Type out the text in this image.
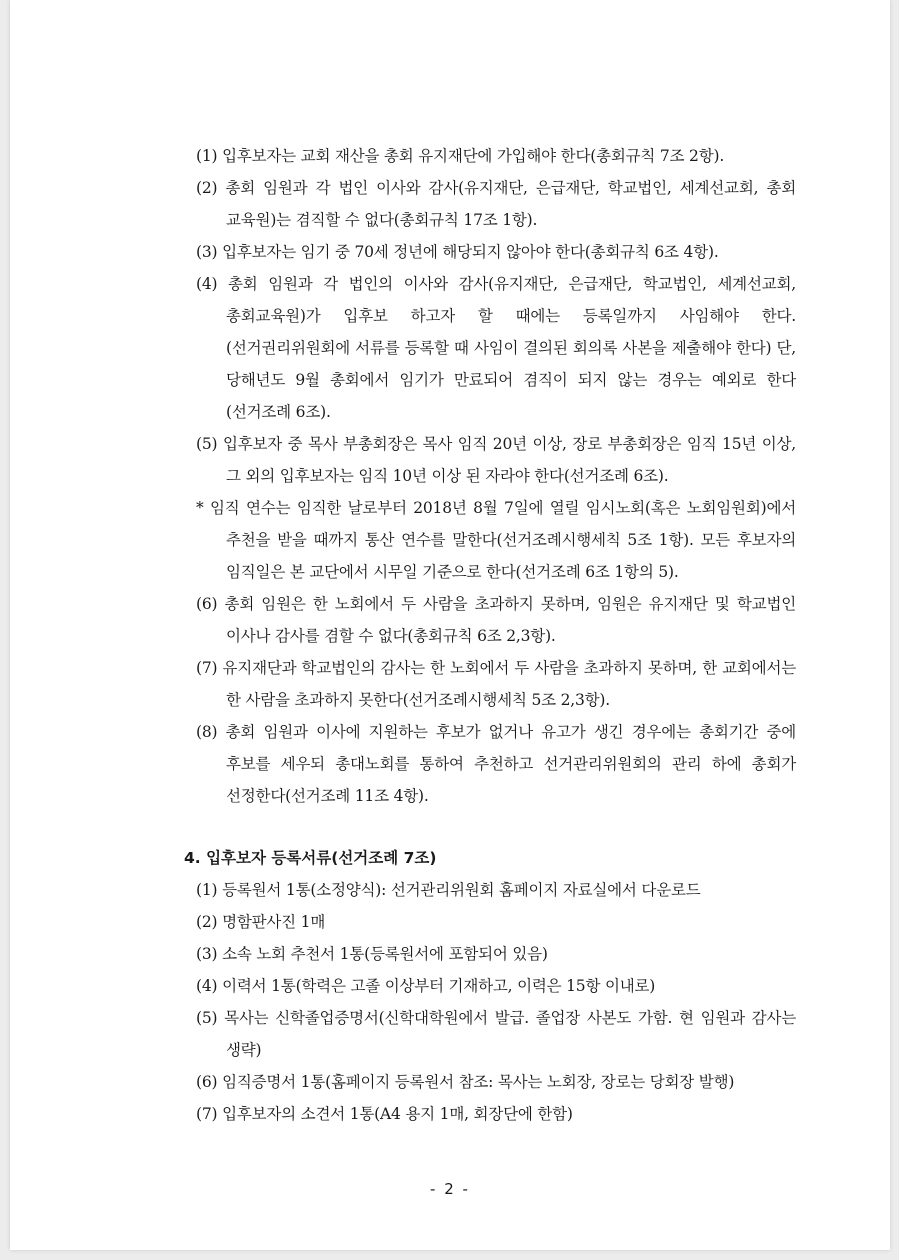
(1) 입후보자는 교회 재산을 총회 유지재단에 가입해야 한다(총회규칙 7조 2항).
(2) 총회 임원과 각 법인 이사와 감사(유지재단, 은급재단, 학교법인, 세계선교회, 총회 교육원)는 겸직할 수 없다(총회규칙 17조 1항).
(3) 입후보자는 임기 중 70세 정년에 해당되지 않아야 한다(총회규칙 6조 4항).
(4) 총회 임원과 각 법인의 이사와 감사(유지재단, 은급재단, 학교법인, 세계선교회, 총회교육원)가 입후보 하고자 할 때에는 등록일까지 사임해야 한다. (선거권리위원회에 서류를 등록할 때 사임이 결의된 회의록 사본을 제출해야 한다) 단, 당해년도 9월 총회에서 임기가 만료되어 겸직이 되지 않는 경우는 예외로 한다(선거조례 6조).
(5) 입후보자 중 목사 부총회장은 목사 임직 20년 이상, 장로 부총회장은 임직 15년 이상, 그 외의 입후보자는 임직 10년 이상 된 자라야 한다(선거조례 6조).
* 임직 연수는 임직한 날로부터 2018년 8월 7일에 열릴 임시노회(혹은 노회임원회)에서 추천을 받을 때까지 통산 연수를 말한다(선거조례시행세칙 5조 1항). 모든 후보자의 임직일은 본 교단에서 시무일 기준으로 한다(선거조례 6조 1항의 5).
(6) 총회 임원은 한 노회에서 두 사람을 초과하지 못하며, 임원은 유지재단 및 학교법인 이사나 감사를 겸할 수 없다(총회규칙 6조 2,3항).
(7) 유지재단과 학교법인의 감사는 한 노회에서 두 사람을 초과하지 못하며, 한 교회에서는 한 사람을 초과하지 못한다(선거조례시행세칙 5조 2,3항).
(8) 총회 임원과 이사에 지원하는 후보가 없거나 유고가 생긴 경우에는 총회기간 중에 후보를 세우되 총대노회를 통하여 추천하고 선거관리위원회의 관리 하에 총회가 선정한다(선거조례 11조 4항).
4. 입후보자 등록서류(선거조례 7조)
(1) 등록원서 1통(소정양식): 선거관리위원회 홈페이지 자료실에서 다운로드
(2) 명함판사진 1매
(3) 소속 노회 추천서 1통(등록원서에 포함되어 있음)
(4) 이력서 1통(학력은 고졸 이상부터 기재하고, 이력은 15항 이내로)
(5) 목사는 신학졸업증명서(신학대학원에서 발급. 졸업장 사본도 가함. 현 임원과 감사는 생략)
(6) 임직증명서 1통(홈페이지 등록원서 참조: 목사는 노회장, 장로는 당회장 발행)
(7) 입후보자의 소견서 1통(A4 용지 1매, 회장단에 한함)
- 2 -
